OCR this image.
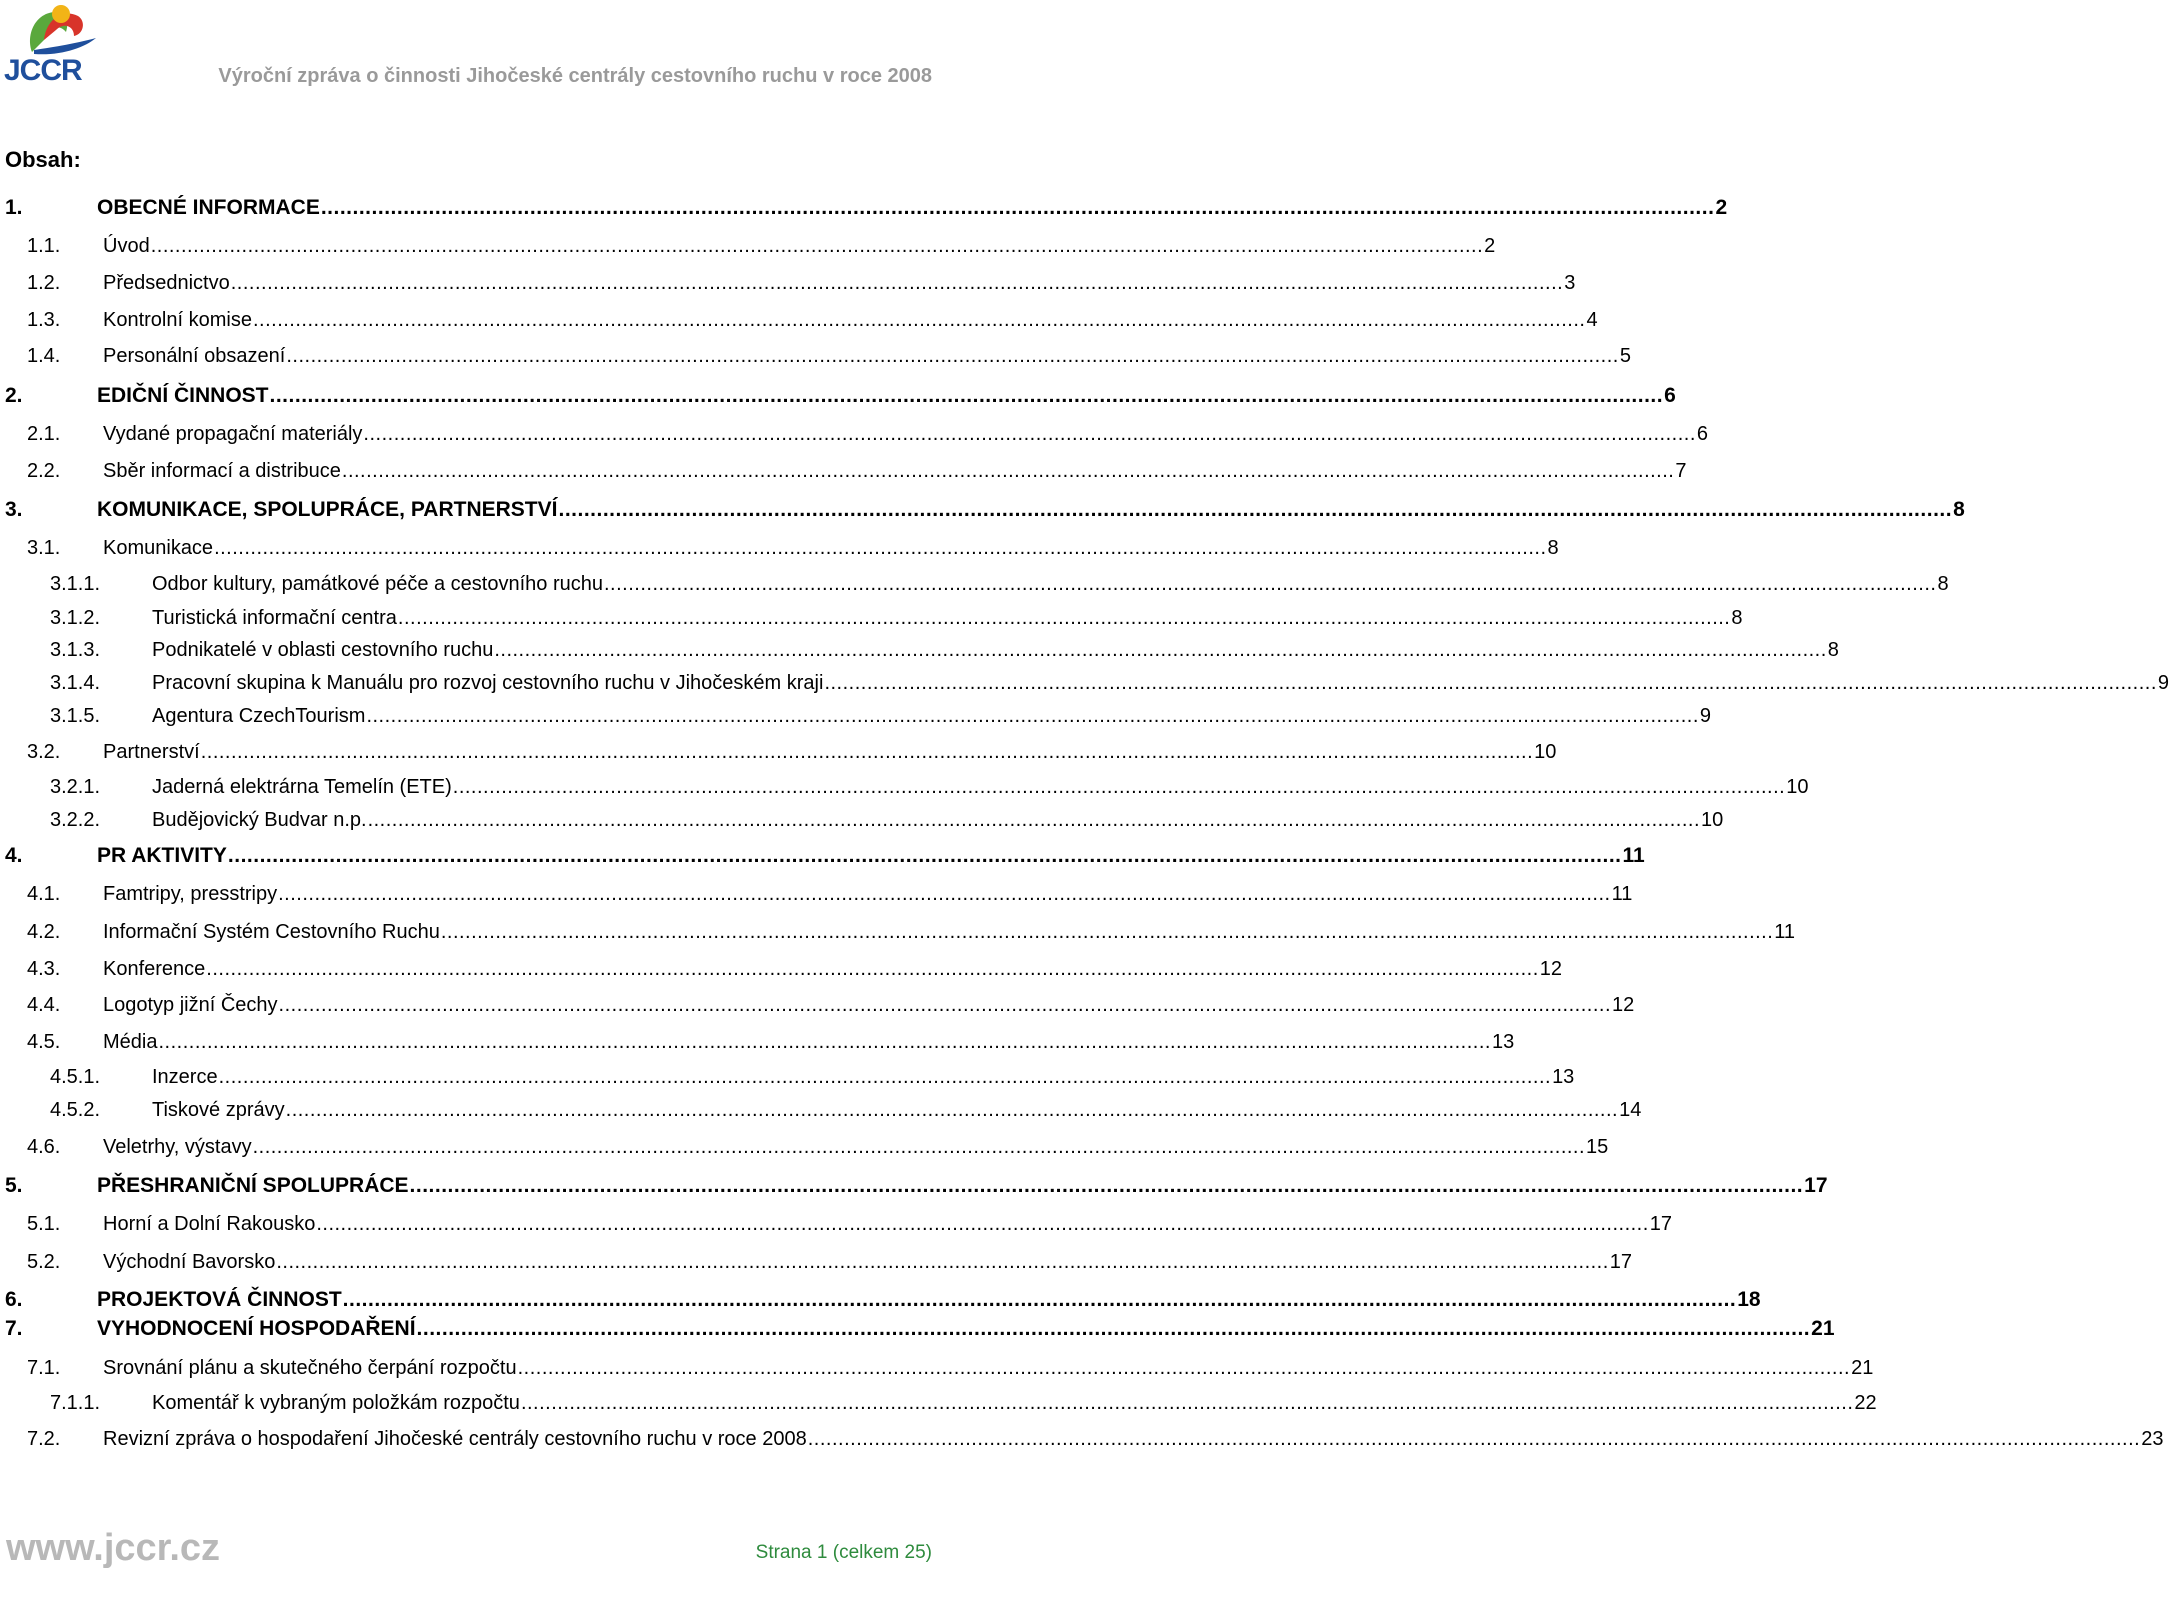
JCCR	Výroční zpráva o činnosti Jihočeské centrály cestovního ruchu v roce 2008
Obsah:
1.	OBECNÉ INFORMACE ............................................................................................................................................................................................................................ 2
1.1. Úvod ............................................................................................................................................................................................................................ 2
1.2. Předsednictvo ............................................................................................................................................................................................................................ 3
1.3. Kontrolní komise ............................................................................................................................................................................................................................ 4
1.4. Personální obsazení ............................................................................................................................................................................................................................ 5
2.	EDIČNÍ ČINNOST ............................................................................................................................................................................................................................ 6
2.1. Vydané propagační materiály ............................................................................................................................................................................................................................ 6
2.2. Sběr informací a distribuce ............................................................................................................................................................................................................................ 7
3.	KOMUNIKACE, SPOLUPRÁCE, PARTNERSTVÍ ............................................................................................................................................................................................................................ 8
3.1. Komunikace ............................................................................................................................................................................................................................ 8
3.1.1.	Odbor kultury, památkové péče a cestovního ruchu ............................................................................................................................................................................................................................ 8
3.1.2.	Turistická informační centra ............................................................................................................................................................................................................................ 8
3.1.3.	Podnikatelé v oblasti cestovního ruchu ............................................................................................................................................................................................................................ 8
3.1.4.	Pracovní skupina k Manuálu pro rozvoj cestovního ruchu v Jihočeském kraji ............................................................................................................................................................................................................................ 9
3.1.5.	Agentura CzechTourism ............................................................................................................................................................................................................................ 9
3.2. Partnerství ............................................................................................................................................................................................................................ 10
3.2.1.	Jaderná elektrárna Temelín (ETE) ............................................................................................................................................................................................................................ 10
3.2.2.	Budějovický Budvar n.p. ............................................................................................................................................................................................................................ 10
4.	PR AKTIVITY ............................................................................................................................................................................................................................ 11
4.1. Famtripy, presstripy ............................................................................................................................................................................................................................ 11
4.2. Informační Systém Cestovního Ruchu ............................................................................................................................................................................................................................ 11
4.3. Konference ............................................................................................................................................................................................................................ 12
4.4. Logotyp jižní Čechy ............................................................................................................................................................................................................................ 12
4.5. Média ............................................................................................................................................................................................................................ 13
4.5.1.	Inzerce ............................................................................................................................................................................................................................ 13
4.5.2.	Tiskové zprávy ............................................................................................................................................................................................................................ 14
4.6. Veletrhy, výstavy ............................................................................................................................................................................................................................ 15
5.	PŘESHRANIČNÍ SPOLUPRÁCE ............................................................................................................................................................................................................................ 17
5.1. Horní a Dolní Rakousko ............................................................................................................................................................................................................................ 17
5.2. Východní Bavorsko ............................................................................................................................................................................................................................ 17
6.	PROJEKTOVÁ ČINNOST ............................................................................................................................................................................................................................ 18
7.	VYHODNOCENÍ HOSPODAŘENÍ ............................................................................................................................................................................................................................ 21
7.1. Srovnání plánu a skutečného čerpání rozpočtu ............................................................................................................................................................................................................................ 21
7.1.1.	Komentář k vybraným položkám rozpočtu ............................................................................................................................................................................................................................ 22
7.2. Revizní zpráva o hospodaření Jihočeské centrály cestovního ruchu v roce 2008 ............................................................................................................................................................................................................................ 23
www.jccr.cz	Strana 1 (celkem 25)
